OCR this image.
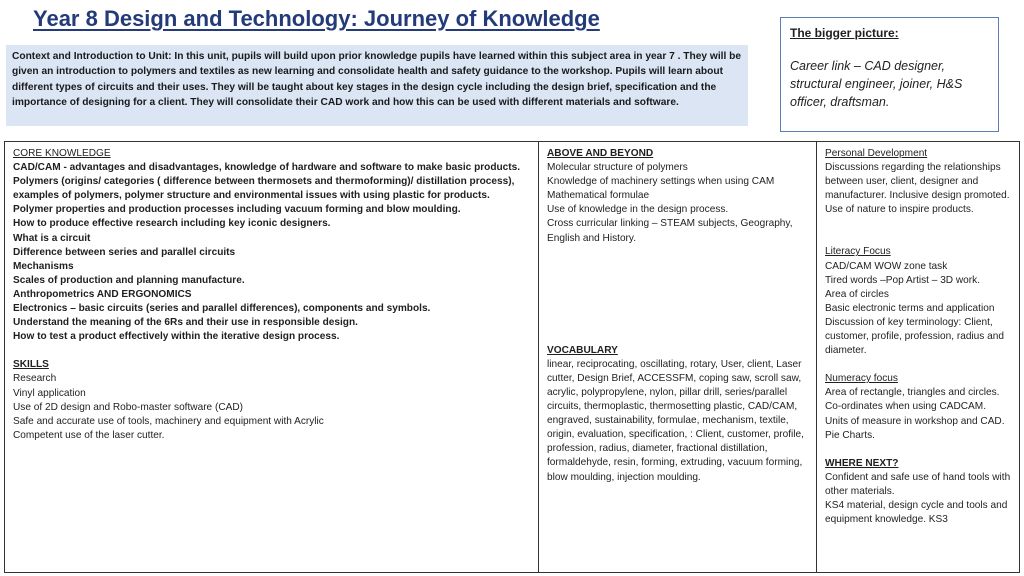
Year 8 Design and Technology: Journey of Knowledge
Context and Introduction to Unit: In this unit, pupils will build upon prior knowledge pupils have learned within this subject area in year 7 . They will be given an introduction to polymers and textiles as new learning and consolidate health and safety guidance to the workshop. Pupils will learn about different types of circuits and their uses. They will be taught about key stages in the design cycle including the design brief, specification and the importance of designing for a client. They will consolidate their CAD work and how this can be used with different materials and software.
The bigger picture:
Career link – CAD designer, structural engineer, joiner, H&S officer, draftsman.
CORE KNOWLEDGE
CAD/CAM - advantages and disadvantages, knowledge of hardware and software to make basic products.
Polymers (origins/ categories ( difference between thermosets and thermoforming)/ distillation process),
examples of polymers, polymer structure and environmental issues with using plastic for products.
Polymer properties and production processes including vacuum forming and blow moulding.
How to produce effective research including key iconic designers.
What is a circuit
Difference between series and parallel circuits
Mechanisms
Scales of production and planning manufacture.
Anthropometrics AND ERGONOMICS
Electronics – basic circuits (series and parallel differences), components and symbols.
Understand the meaning of the 6Rs and their use in responsible design.
How to test a product effectively within the iterative design process.
SKILLS
Research
Vinyl application
Use of 2D design and Robo-master software (CAD)
Safe and accurate use of tools, machinery and equipment with Acrylic
Competent use of the laser cutter.
ABOVE AND BEYOND
Molecular structure of polymers
Knowledge of machinery settings when using CAM
Mathematical formulae
Use of knowledge in the design process.
Cross curricular linking – STEAM subjects, Geography, English and History.
VOCABULARY
linear, reciprocating, oscillating, rotary, User, client, Laser cutter, Design Brief, ACCESSFM, coping saw, scroll saw, acrylic, polypropylene, nylon, pillar drill, series/parallel circuits, thermoplastic, thermosetting plastic, CAD/CAM, engraved, sustainability, formulae, mechanism, textile, origin, evaluation, specification, : Client, customer, profile, profession, radius, diameter, fractional distillation, formaldehyde, resin, forming, extruding, vacuum forming, blow moulding, injection moulding.
Personal Development
Discussions regarding the relationships between user, client, designer and manufacturer. Inclusive design promoted. Use of nature to inspire products.
Literacy Focus
CAD/CAM WOW zone task
Tired words –Pop Artist – 3D work.
Area of circles
Basic electronic terms and application
Discussion of key terminology: Client, customer, profile, profession, radius and diameter.
Numeracy focus
Area of rectangle, triangles and circles.
Co-ordinates when using CADCAM.
Units of measure in workshop and CAD. Pie Charts.
WHERE NEXT?
Confident and safe use of hand tools with other materials.
KS4 material, design cycle and tools and equipment knowledge. KS3
